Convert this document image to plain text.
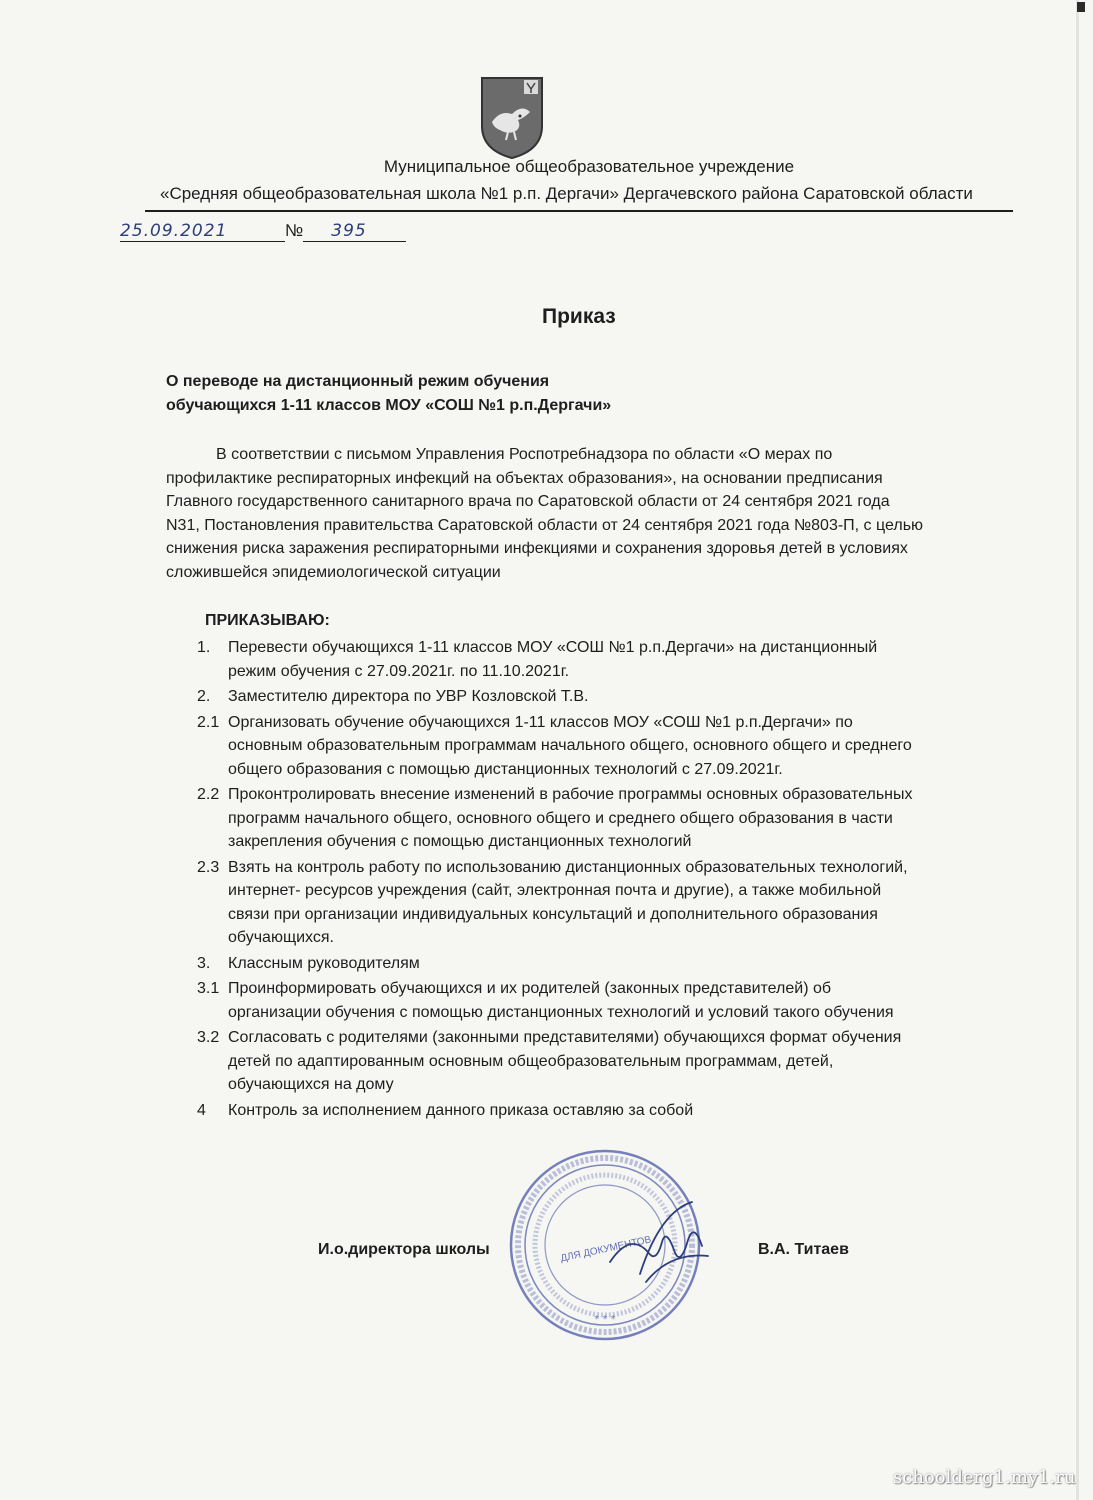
Муниципальное общеобразовательное учреждение
«Средняя общеобразовательная школа №1 р.п. Дергачи» Дергачевского района Саратовской области
25.09.2021	№ 395
Приказ
О переводе на дистанционный режим обучения
обучающихся 1-11 классов МОУ «СОШ №1 р.п.Дергачи»
В соответствии с письмом Управления Роспотребнадзора по области «О мерах по
профилактике респираторных инфекций на объектах образования», на основании предписания
Главного государственного санитарного врача по Саратовской области от 24 сентября 2021 года
N31, Постановления правительства Саратовской области от 24 сентября 2021 года №803-П, с целью
снижения риска заражения респираторными инфекциями и сохранения здоровья детей в условиях
сложившейся эпидемиологической ситуации
ПРИКАЗЫВАЮ:
1. Перевести обучающихся 1-11 классов МОУ «СОШ №1 р.п.Дергачи» на дистанционный
режим обучения с 27.09.2021г. по 11.10.2021г.
2. Заместителю директора по УВР Козловской Т.В.
2.1 Организовать обучение обучающихся 1-11 классов МОУ «СОШ №1 р.п.Дергачи» по
основным образовательным программам начального общего, основного общего и среднего
общего образования с помощью дистанционных технологий с 27.09.2021г.
2.2 Проконтролировать внесение изменений в рабочие программы основных образовательных
программ начального общего, основного общего и среднего общего образования в части
закрепления обучения с помощью дистанционных технологий
2.3 Взять на контроль работу по использованию дистанционных образовательных технологий,
интернет- ресурсов учреждения (сайт, электронная почта и другие), а также мобильной
связи при организации индивидуальных консультаций и дополнительного образования
обучающихся.
3. Классным руководителям
3.1 Проинформировать обучающихся и их родителей (законных представителей) об
организации обучения с помощью дистанционных технологий и условий такого обучения
3.2 Согласовать с родителями (законными представителями) обучающихся формат обучения
детей по адаптированным основным общеобразовательным программам, детей,
обучающихся на дому
4 Контроль за исполнением данного приказа оставляю за собой
* * *
ДЛЯ ДОКУМЕНТОВ
И.о.директора школы	В.А. Титаев
schoolderg1.my1.ru
